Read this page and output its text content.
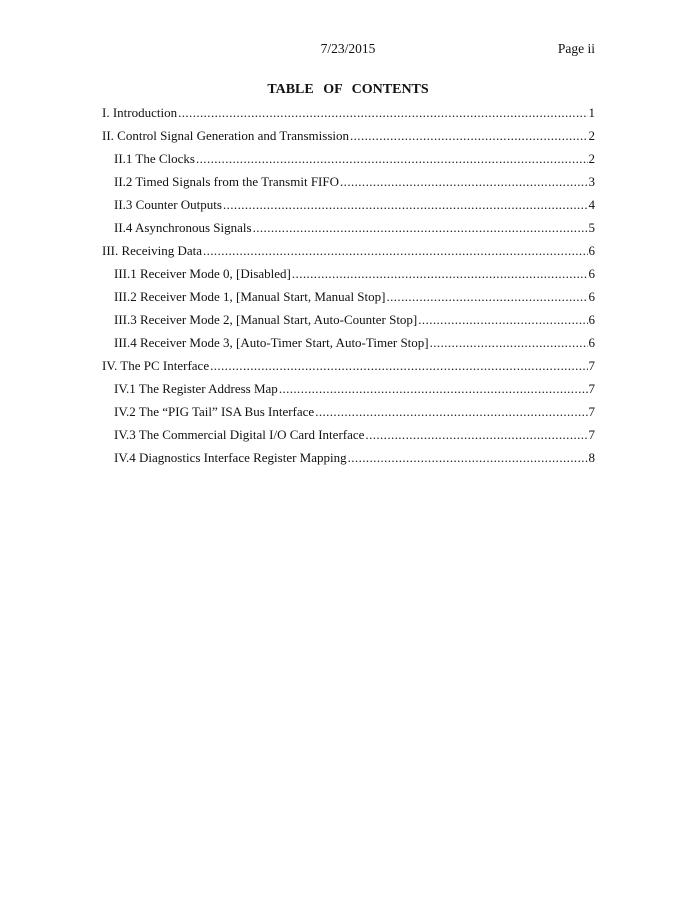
7/23/2015	Page ii
TABLE OF CONTENTS
I. Introduction .....	1
II. Control Signal Generation and Transmission .....	2
II.1 The Clocks .....	2
II.2 Timed Signals from the Transmit FIFO .....	3
II.3 Counter Outputs .....	4
II.4 Asynchronous Signals .....	5
III. Receiving Data .....	6
III.1 Receiver Mode 0, [Disabled] .....	6
III.2 Receiver Mode 1, [Manual Start, Manual Stop] .....	6
III.3 Receiver Mode 2, [Manual Start, Auto-Counter Stop] .....	6
III.4 Receiver Mode 3, [Auto-Timer Start, Auto-Timer Stop] .....	6
IV. The PC Interface .....	7
IV.1 The Register Address Map .....	7
IV.2 The “PIG Tail” ISA Bus Interface .....	7
IV.3 The Commercial Digital I/O Card Interface .....	7
IV.4 Diagnostics Interface Register Mapping .....	8
